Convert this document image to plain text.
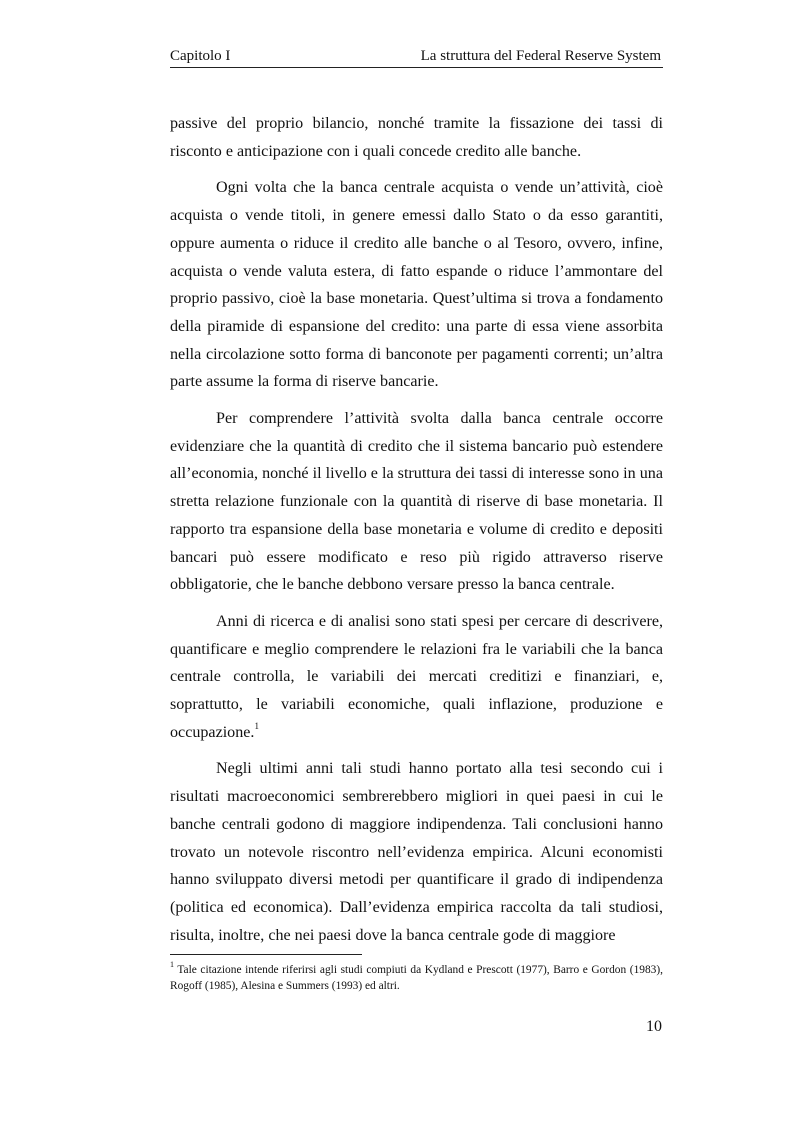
Capitolo I	La struttura del Federal Reserve System

passive del proprio bilancio, nonché tramite la fissazione dei tassi di risconto e anticipazione con i quali concede credito alle banche.

Ogni volta che la banca centrale acquista o vende un’attività, cioè acquista o vende titoli, in genere emessi dallo Stato o da esso garantiti, oppure aumenta o riduce il credito alle banche o al Tesoro, ovvero, infine, acquista o vende valuta estera, di fatto espande o riduce l’ammontare del proprio passivo, cioè la base monetaria. Quest’ultima si trova a fondamento della piramide di espansione del credito: una parte di essa viene assorbita nella circolazione sotto forma di banconote per pagamenti correnti; un’altra parte assume la forma di riserve bancarie.

Per comprendere l’attività svolta dalla banca centrale occorre evidenziare che la quantità di credito che il sistema bancario può estendere all’economia, nonché il livello e la struttura dei tassi di interesse sono in una stretta relazione funzionale con la quantità di riserve di base monetaria. Il rapporto tra espansione della base monetaria e volume di credito e depositi bancari può essere modificato e reso più rigido attraverso riserve obbligatorie, che le banche debbono versare presso la banca centrale.

Anni di ricerca e di analisi sono stati spesi per cercare di descrivere, quantificare e meglio comprendere le relazioni fra le variabili che la banca centrale controlla, le variabili dei mercati creditizi e finanziari, e, soprattutto, le variabili economiche, quali inflazione, produzione e occupazione.$^1$

Negli ultimi anni tali studi hanno portato alla tesi secondo cui i risultati macroeconomici sembrerebbero migliori in quei paesi in cui le banche centrali godono di maggiore indipendenza. Tali conclusioni hanno trovato un notevole riscontro nell’evidenza empirica. Alcuni economisti hanno sviluppato diversi metodi per quantificare il grado di indipendenza (politica ed economica). Dall’evidenza empirica raccolta da tali studiosi, risulta, inoltre, che nei paesi dove la banca centrale gode di maggiore

$^1$ Tale citazione intende riferirsi agli studi compiuti da Kydland e Prescott (1977), Barro e Gordon (1983), Rogoff (1985), Alesina e Summers (1993) ed altri.
10
